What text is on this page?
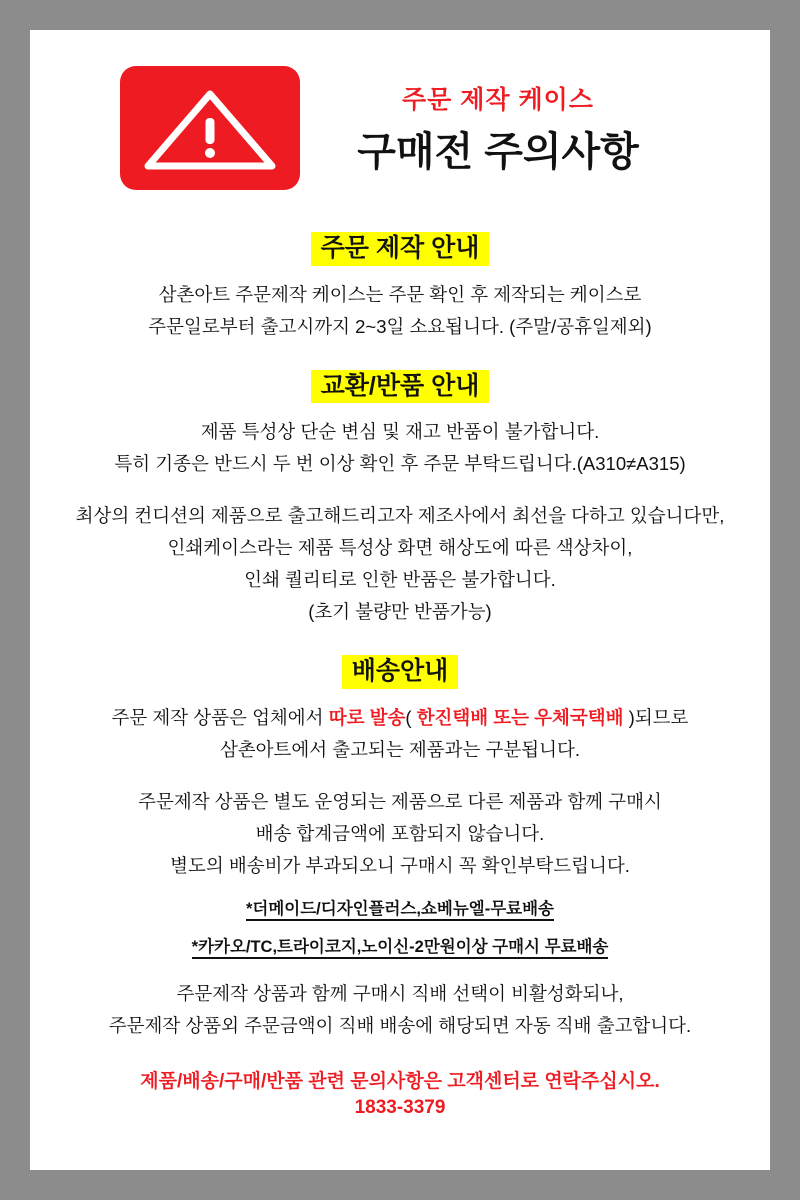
주문 제작 케이스
구매전 주의사항
주문 제작 안내
삼촌아트 주문제작 케이스는 주문 확인 후 제작되는 케이스로
주문일로부터 출고시까지 2~3일 소요됩니다. (주말/공휴일제외)
교환/반품 안내
제품 특성상 단순 변심 및 재고 반품이 불가합니다.
특히 기종은 반드시 두 번 이상 확인 후 주문 부탁드립니다.(A310≠A315)
최상의 컨디션의 제품으로 출고해드리고자 제조사에서 최선을 다하고 있습니다만,
인쇄케이스라는 제품 특성상 화면 해상도에 따른 색상차이,
인쇄 퀄리티로 인한 반품은 불가합니다.
(초기 불량만 반품가능)
배송안내
주문 제작 상품은 업체에서 따로 발송( 한진택배 또는 우체국택배 )되므로
삼촌아트에서 출고되는 제품과는 구분됩니다.
주문제작 상품은 별도 운영되는 제품으로 다른 제품과 함께 구매시
배송 합계금액에 포함되지 않습니다.
별도의 배송비가 부과되오니 구매시 꼭 확인부탁드립니다.
*더메이드/디자인플러스,쇼베뉴엘-무료배송
*카카오/TC,트라이코지,노이신-2만원이상 구매시 무료배송
주문제작 상품과 함께 구매시 직배 선택이 비활성화되나,
주문제작 상품외 주문금액이 직배 배송에 해당되면 자동 직배 출고합니다.
제품/배송/구매/반품 관련 문의사항은 고객센터로 연락주십시오.
1833-3379
